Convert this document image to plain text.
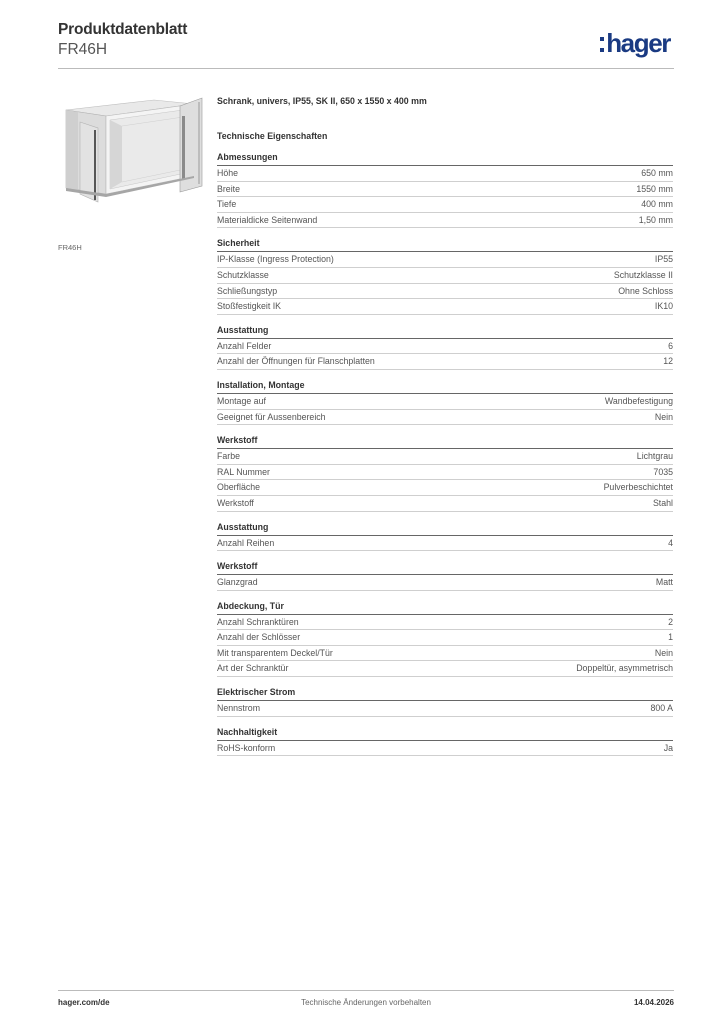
Produktdatenblatt
FR46H	hager
FR46H
Schrank, univers, IP55, SK II, 650 x 1550 x 400 mm
Technische Eigenschaften
Abmessungen
Höhe	650 mm
Breite	1550 mm
Tiefe	400 mm
Materialdicke Seitenwand	1,50 mm
Sicherheit
IP-Klasse (Ingress Protection)	IP55
Schutzklasse	Schutzklasse II
Schließungstyp	Ohne Schloss
Stoßfestigkeit IK	IK10
Ausstattung
Anzahl Felder	6
Anzahl der Öffnungen für Flanschplatten	12
Installation, Montage
Montage auf	Wandbefestigung
Geeignet für Aussenbereich	Nein
Werkstoff
Farbe	Lichtgrau
RAL Nummer	7035
Oberfläche	Pulverbeschichtet
Werkstoff	Stahl
Ausstattung
Anzahl Reihen	4
Werkstoff
Glanzgrad	Matt
Abdeckung, Tür
Anzahl Schranktüren	2
Anzahl der Schlösser	1
Mit transparentem Deckel/Tür	Nein
Art der Schranktür	Doppeltür, asymmetrisch
Elektrischer Strom
Nennstrom	800 A
Nachhaltigkeit
RoHS-konform	Ja
hager.com/de	Technische Änderungen vorbehalten	14.04.2026
